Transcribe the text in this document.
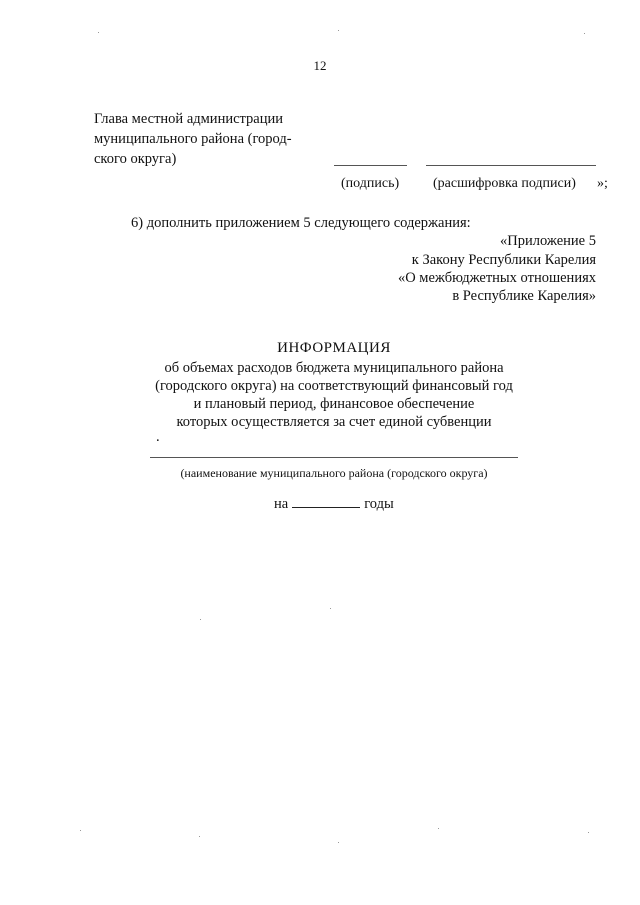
12
Глава местной администрации
муниципального района (город-
ского округа)
(подпись) (расшифровка подписи) »;
6) дополнить приложением 5 следующего содержания:
«Приложение 5
к Закону Республики Карелия
«О межбюджетных отношениях
в Республике Карелия»
ИНФОРМАЦИЯ
об объемах расходов бюджета муниципального района
(городского округа) на соответствующий финансовый год
и плановый период, финансовое обеспечение
которых осуществляется за счет единой субвенции
.
(наименование муниципального района (городского округа)
на	годы
